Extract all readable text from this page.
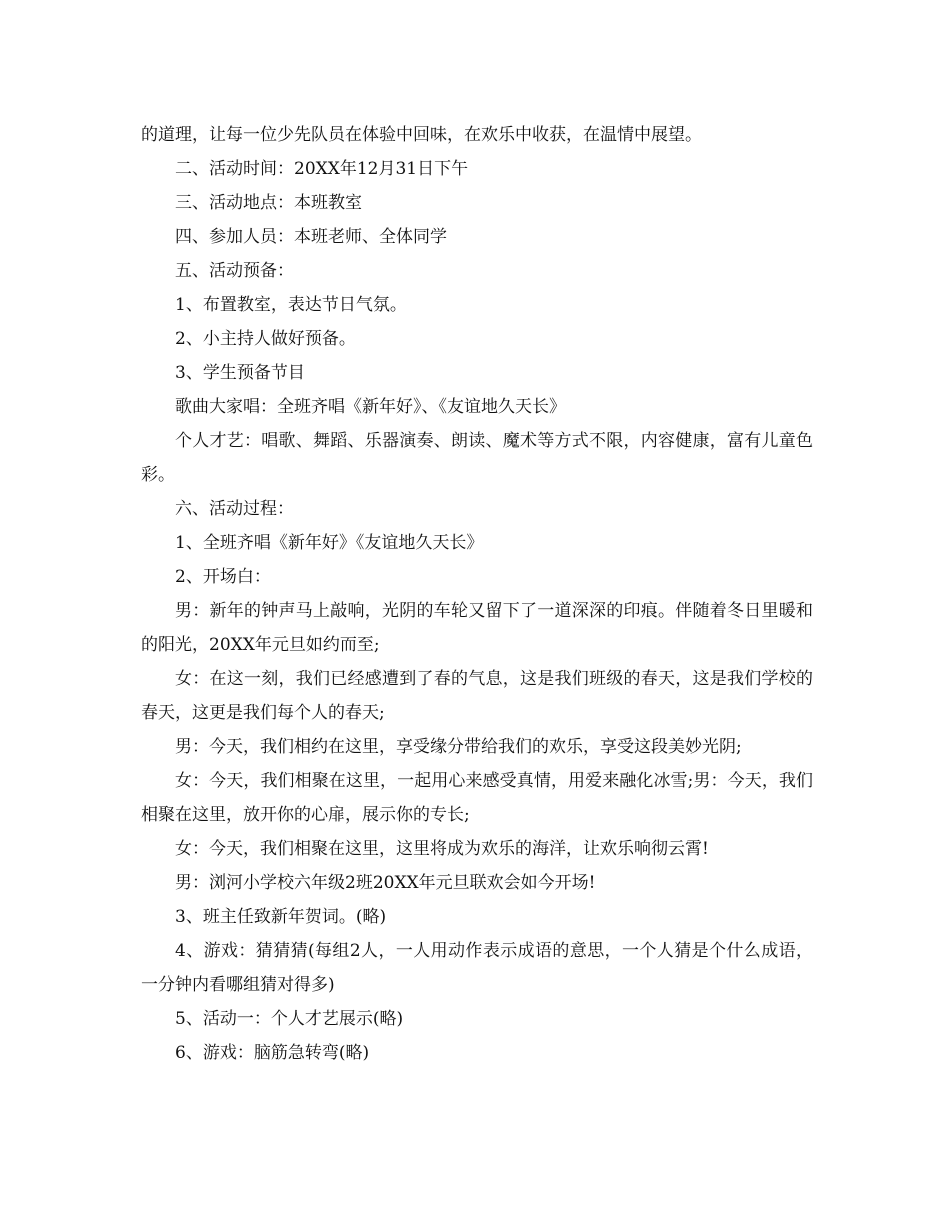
的道理，让每一位少先队员在体验中回味，在欢乐中收获，在温情中展望。

二、活动时间：20XX年12月31日下午

三、活动地点：本班教室

四、参加人员：本班老师、全体同学

五、活动预备：

1、布置教室，表达节日气氛。

2、小主持人做好预备。

3、学生预备节目

歌曲大家唱：全班齐唱《新年好》、《友谊地久天长》

个人才艺：唱歌、舞蹈、乐器演奏、朗读、魔术等方式不限，内容健康，富有儿童色彩。

六、活动过程：

1、全班齐唱《新年好》《友谊地久天长》

2、开场白：

男：新年的钟声马上敲响，光阴的车轮又留下了一道深深的印痕。伴随着冬日里暖和的阳光，20XX年元旦如约而至;

女：在这一刻，我们已经感遭到了春的气息，这是我们班级的春天，这是我们学校的春天，这更是我们每个人的春天;

男：今天，我们相约在这里，享受缘分带给我们的欢乐，享受这段美妙光阴;

女：今天，我们相聚在这里，一起用心来感受真情，用爱来融化冰雪;男：今天，我们相聚在这里，放开你的心扉，展示你的专长;

女：今天，我们相聚在这里，这里将成为欢乐的海洋，让欢乐响彻云霄!

男：浏河小学校六年级2班20XX年元旦联欢会如今开场!

3、班主任致新年贺词。(略)

4、游戏：猜猜猜(每组2人，一人用动作表示成语的意思，一个人猜是个什么成语，一分钟内看哪组猜对得多)

5、活动一：个人才艺展示(略)

6、游戏：脑筋急转弯(略)
